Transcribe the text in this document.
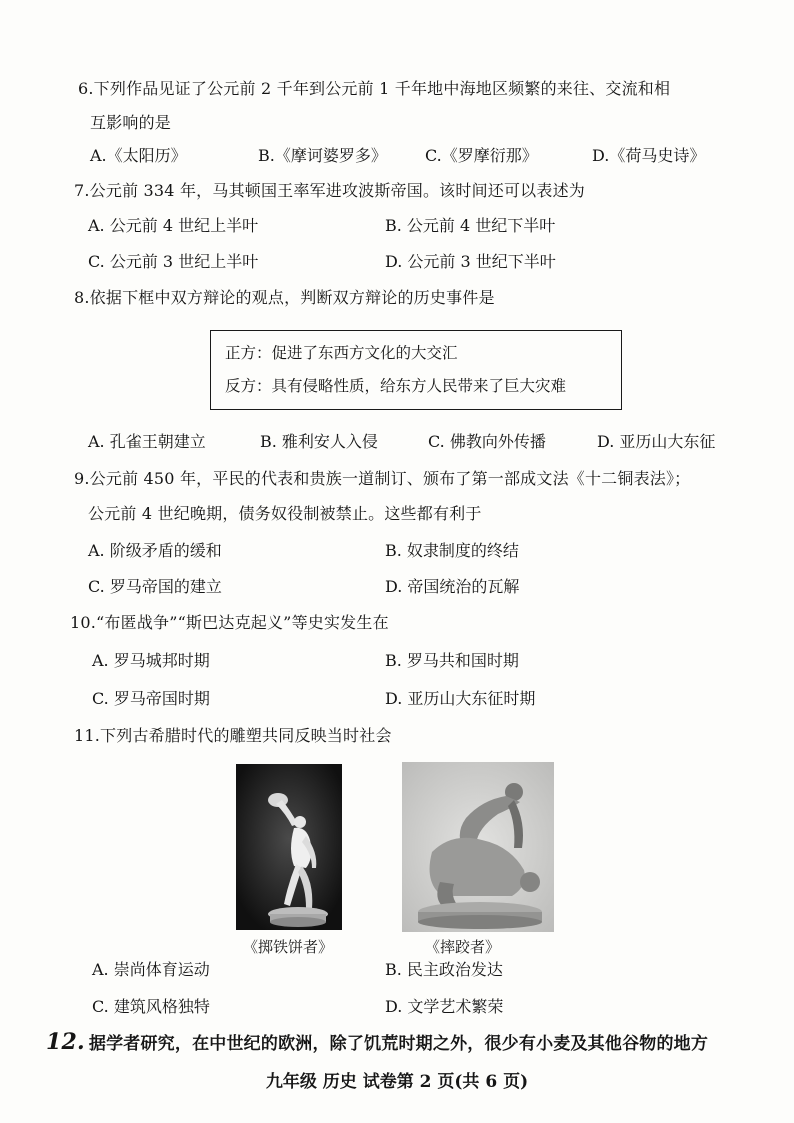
6.下列作品见证了公元前 2 千年到公元前 1 千年地中海地区频繁的来往、交流和相
互影响的是
A.《太阳历》	B.《摩诃婆罗多》 C.《罗摩衍那》	D.《荷马史诗》
7.公元前 334 年，马其顿国王率军进攻波斯帝国。该时间还可以表述为
A. 公元前 4 世纪上半叶	B. 公元前 4 世纪下半叶
C. 公元前 3 世纪上半叶	D. 公元前 3 世纪下半叶
8.依据下框中双方辩论的观点，判断双方辩论的历史事件是
正方：促进了东西方文化的大交汇
反方：具有侵略性质，给东方人民带来了巨大灾难
A. 孔雀王朝建立	B. 雅利安人入侵	C. 佛教向外传播	D. 亚历山大东征
9.公元前 450 年，平民的代表和贵族一道制订、颁布了第一部成文法《十二铜表法》；
公元前 4 世纪晚期，债务奴役制被禁止。这些都有利于
A. 阶级矛盾的缓和	B. 奴隶制度的终结
C. 罗马帝国的建立	D. 帝国统治的瓦解
10.“布匿战争”“斯巴达克起义”等史实发生在
A. 罗马城邦时期	B. 罗马共和国时期
C. 罗马帝国时期	D. 亚历山大东征时期
11.下列古希腊时代的雕塑共同反映当时社会
《掷铁饼者》	《摔跤者》
A. 崇尚体育运动	B. 民主政治发达
C. 建筑风格独特	D. 文学艺术繁荣
12. 据学者研究，在中世纪的欧洲，除了饥荒时期之外，很少有小麦及其他谷物的地方
九年级 历史 试卷第 2 页(共 6 页)
